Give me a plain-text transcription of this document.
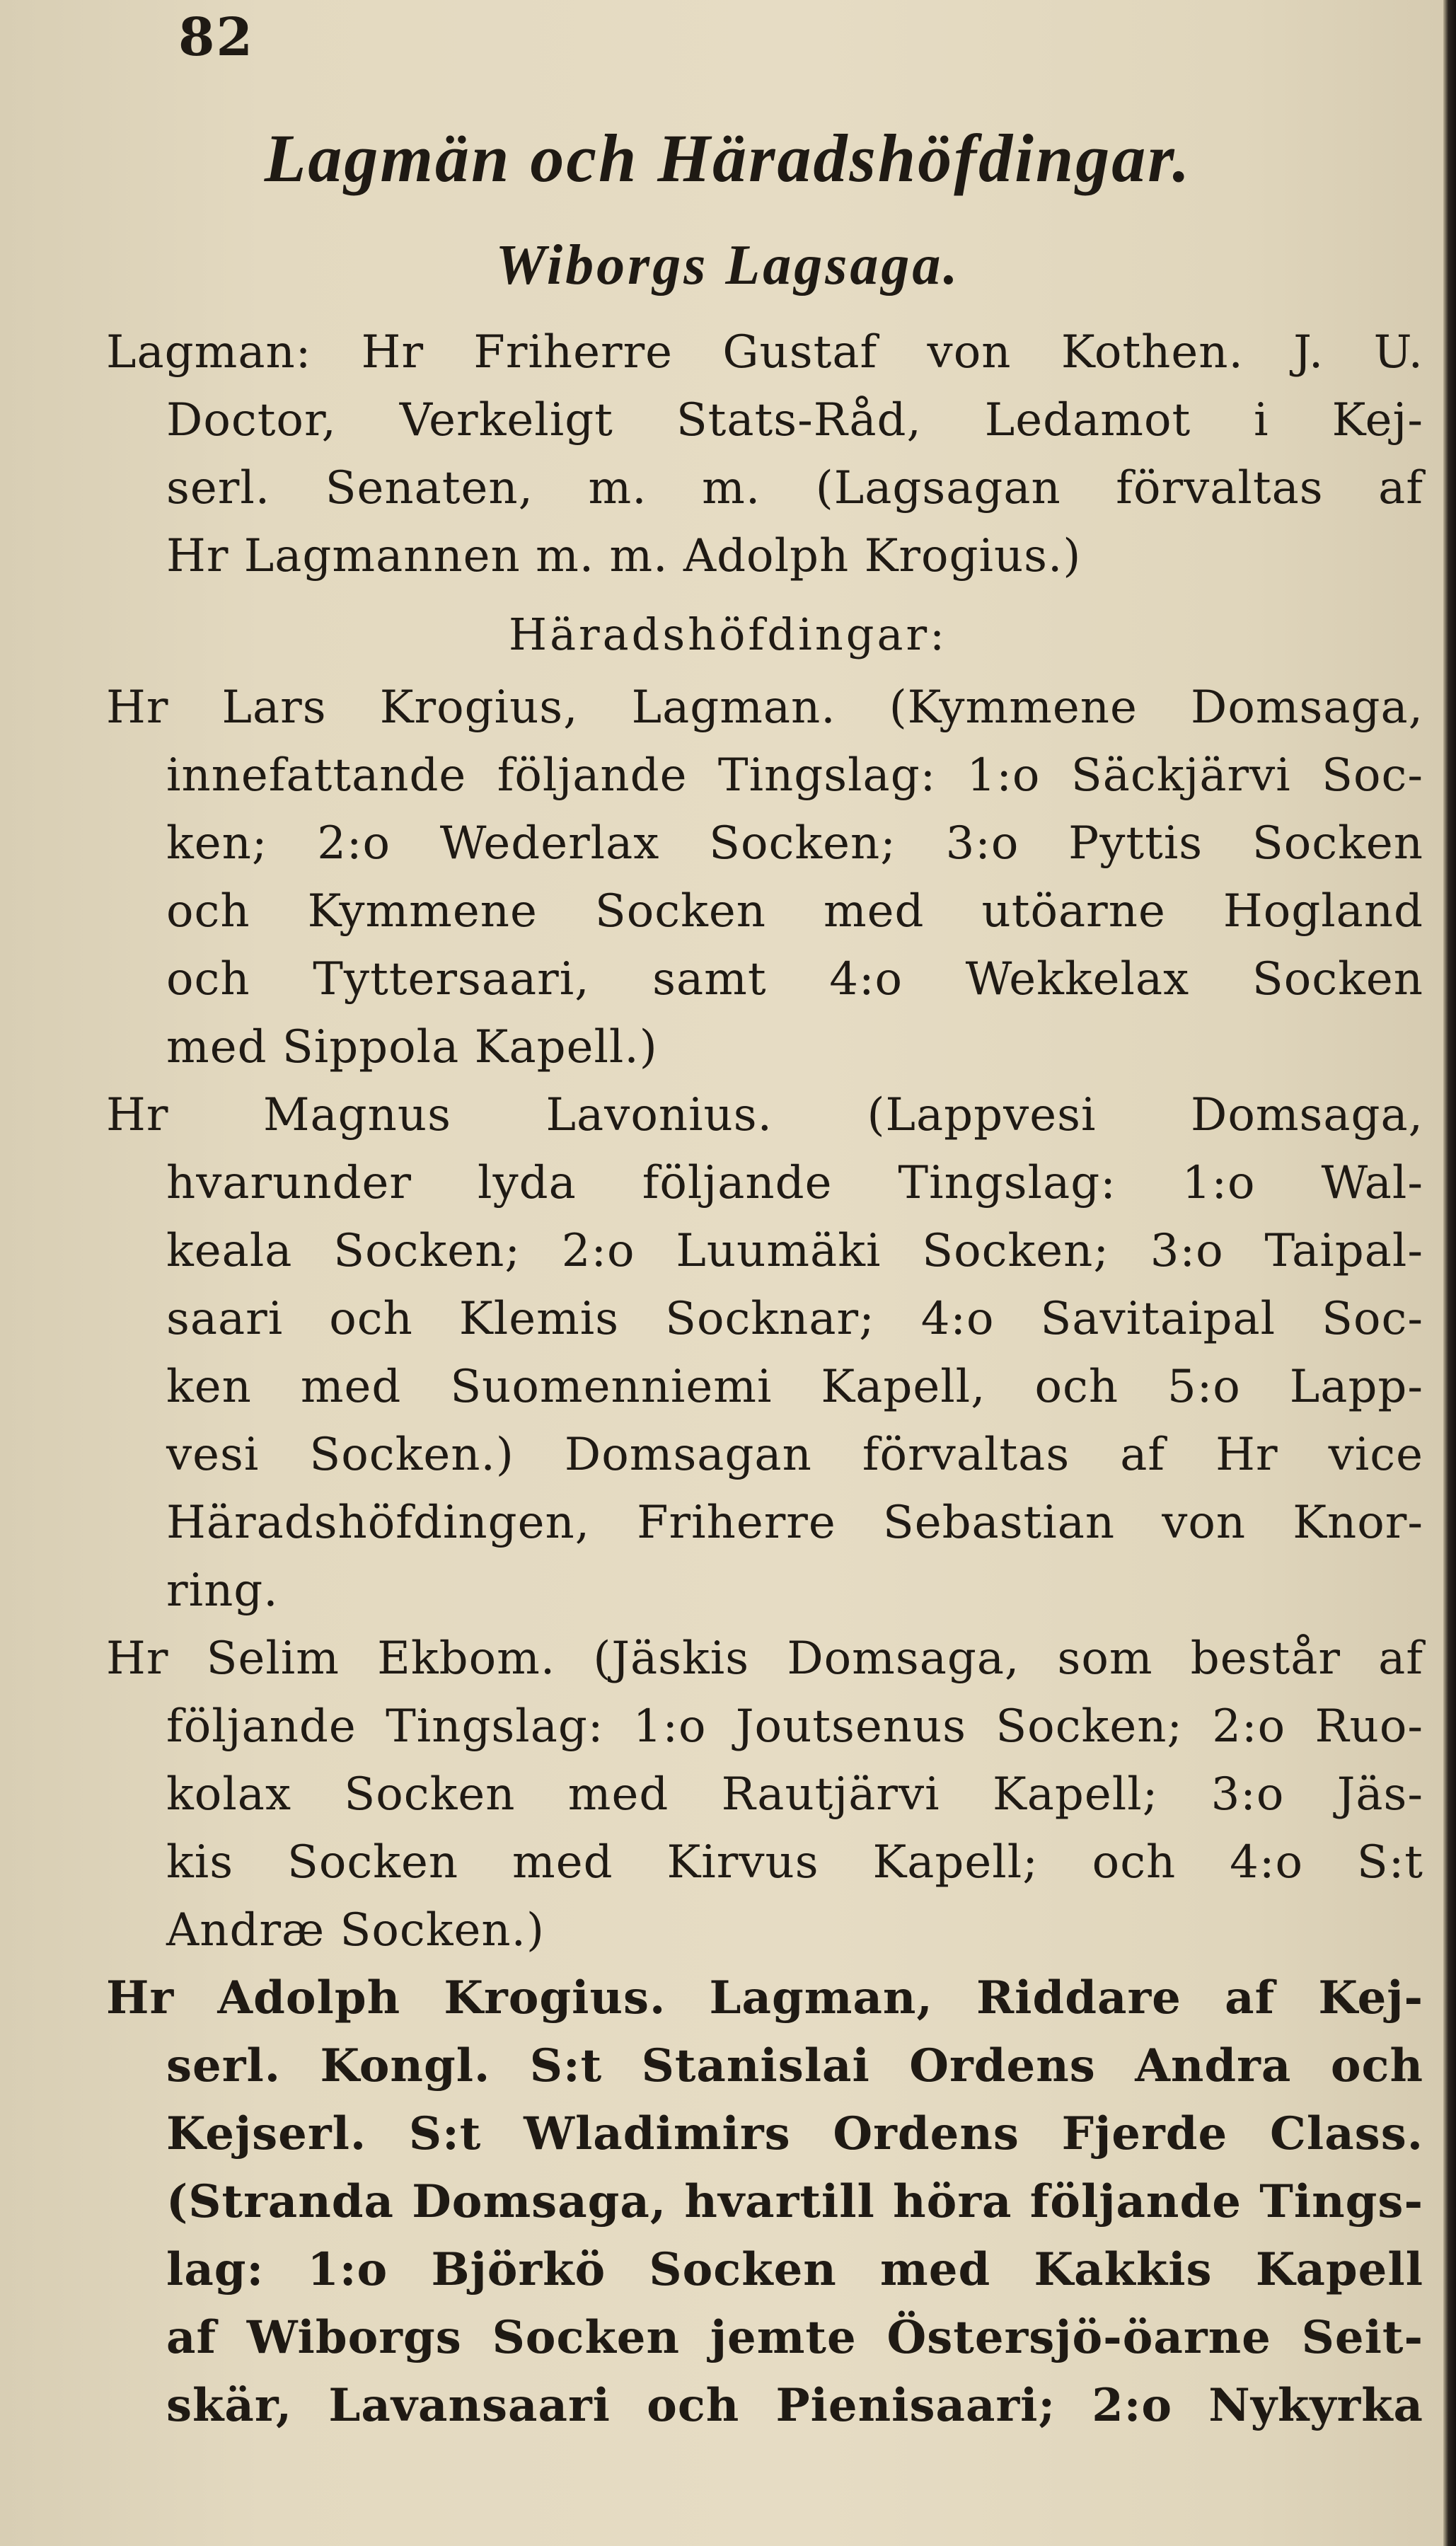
82
Lagmän och Häradshöfdingar.
Wiborgs Lagsaga.
Lagman: Hr Friherre Gustaf von Kothen. J. U.
Doctor, Verkeligt Stats-Råd, Ledamot i Kej-
serl. Senaten, m. m. (Lagsagan förvaltas af
Hr Lagmannen m. m. Adolph Krogius.)
Häradshöfdingar:
Hr Lars Krogius, Lagman. (Kymmene Domsaga,
innefattande följande Tingslag: 1:o Säckjärvi Soc-
ken; 2:o Wederlax Socken; 3:o Pyttis Socken
och Kymmene Socken med utöarne Hogland
och Tyttersaari, samt 4:o Wekkelax Socken
med Sippola Kapell.)
Hr Magnus Lavonius. (Lappvesi Domsaga,
hvarunder lyda följande Tingslag: 1:o Wal-
keala Socken; 2:o Luumäki Socken; 3:o Taipal-
saari och Klemis Socknar; 4:o Savitaipal Soc-
ken med Suomenniemi Kapell, och 5:o Lapp-
vesi Socken.) Domsagan förvaltas af Hr vice
Häradshöfdingen, Friherre Sebastian von Knor-
ring.
Hr Selim Ekbom. (Jäskis Domsaga, som består af
följande Tingslag: 1:o Joutsenus Socken; 2:o Ruo-
kolax Socken med Rautjärvi Kapell; 3:o Jäs-
kis Socken med Kirvus Kapell; och 4:o S:t
Andræ Socken.)
Hr Adolph Krogius. Lagman, Riddare af Kej-
serl. Kongl. S:t Stanislai Ordens Andra och
Kejserl. S:t Wladimirs Ordens Fjerde Class.
(Stranda Domsaga, hvartill höra följande Tings-
lag: 1:o Björkö Socken med Kakkis Kapell
af Wiborgs Socken jemte Östersjö-öarne Seit-
skär, Lavansaari och Pienisaari; 2:o Nykyrka
